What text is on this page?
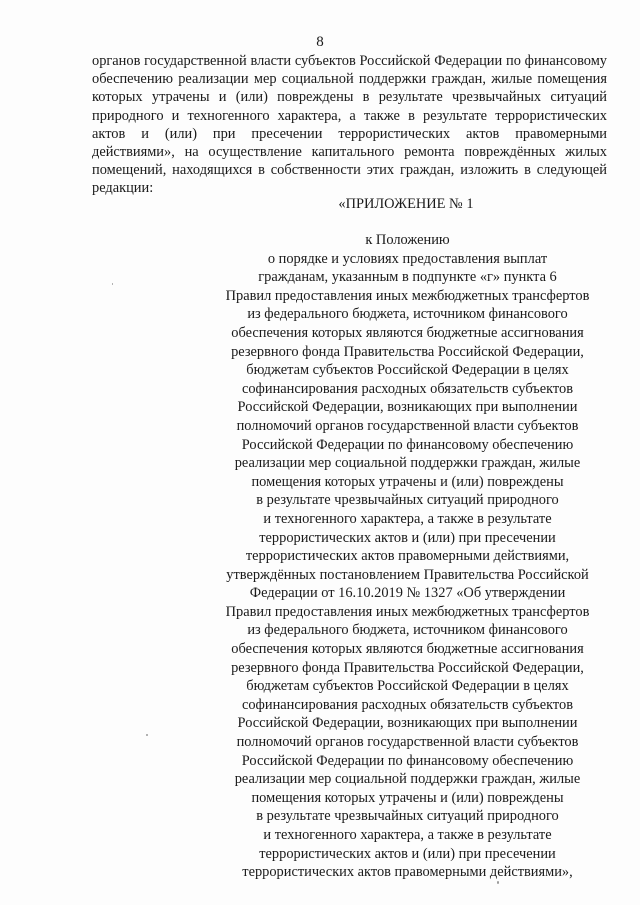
8

органов государственной власти субъектов Российской Федерации по финансовому обеспечению реализации мер социальной поддержки граждан, жилые помещения которых утрачены и (или) повреждены в результате чрезвычайных ситуаций природного и техногенного характера, а также в результате террористических актов и (или) при пресечении террористических актов правомерными действиями», на осуществление капитального ремонта повреждённых жилых помещений, находящихся в собственности этих граждан, изложить в следующей редакции:

«ПРИЛОЖЕНИЕ № 1
к Положению
о порядке и условиях предоставления выплат
гражданам, указанным в подпункте «г» пункта 6
Правил предоставления иных межбюджетных трансфертов
из федерального бюджета, источником финансового
обеспечения которых являются бюджетные ассигнования
резервного фонда Правительства Российской Федерации,
бюджетам субъектов Российской Федерации в целях
софинансирования расходных обязательств субъектов
Российской Федерации, возникающих при выполнении
полномочий органов государственной власти субъектов
Российской Федерации по финансовому обеспечению
реализации мер социальной поддержки граждан, жилые
помещения которых утрачены и (или) повреждены
в результате чрезвычайных ситуаций природного
и техногенного характера, а также в результате
террористических актов и (или) при пресечении
террористических актов правомерными действиями,
утверждённых постановлением Правительства Российской
Федерации от 16.10.2019 № 1327 «Об утверждении
Правил предоставления иных межбюджетных трансфертов
из федерального бюджета, источником финансового
обеспечения которых являются бюджетные ассигнования
резервного фонда Правительства Российской Федерации,
бюджетам субъектов Российской Федерации в целях
софинансирования расходных обязательств субъектов
Российской Федерации, возникающих при выполнении
полномочий органов государственной власти субъектов
Российской Федерации по финансовому обеспечению
реализации мер социальной поддержки граждан, жилые
помещения которых утрачены и (или) повреждены
в результате чрезвычайных ситуаций природного
и техногенного характера, а также в результате
террористических актов и (или) при пресечении
террористических актов правомерными действиями»,
